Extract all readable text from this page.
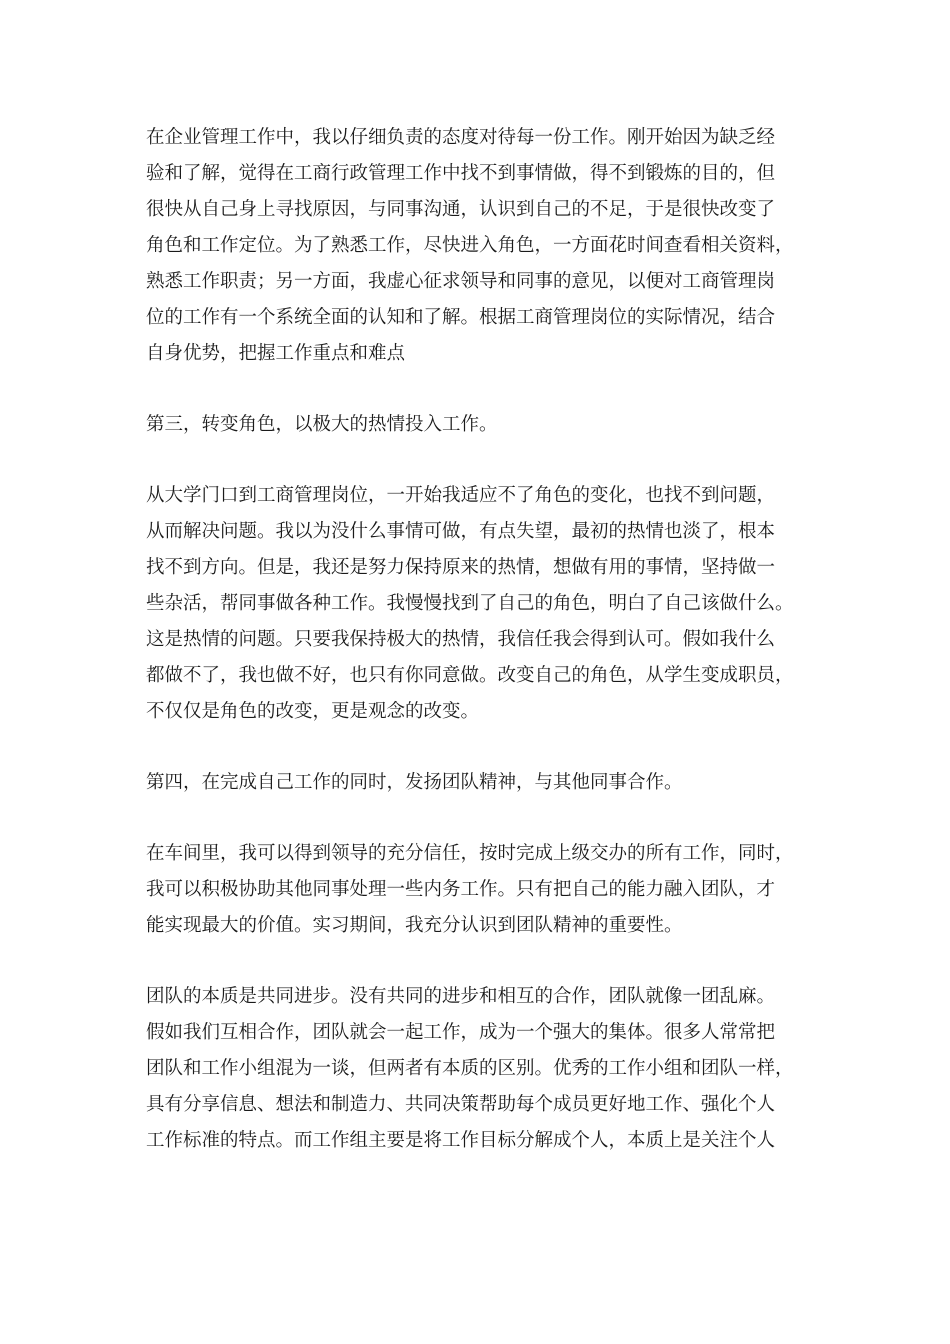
在企业管理工作中，我以仔细负责的态度对待每一份工作。刚开始因为缺乏经
验和了解，觉得在工商行政管理工作中找不到事情做，得不到锻炼的目的，但
很快从自己身上寻找原因，与同事沟通，认识到自己的不足，于是很快改变了
角色和工作定位。为了熟悉工作，尽快进入角色，一方面花时间查看相关资料，
熟悉工作职责；另一方面，我虚心征求领导和同事的意见，以便对工商管理岗
位的工作有一个系统全面的认知和了解。根据工商管理岗位的实际情况，结合
自身优势，把握工作重点和难点
第三，转变角色，以极大的热情投入工作。
从大学门口到工商管理岗位，一开始我适应不了角色的变化，也找不到问题，
从而解决问题。我以为没什么事情可做，有点失望，最初的热情也淡了，根本
找不到方向。但是，我还是努力保持原来的热情，想做有用的事情，坚持做一
些杂活，帮同事做各种工作。我慢慢找到了自己的角色，明白了自己该做什么。
这是热情的问题。只要我保持极大的热情，我信任我会得到认可。假如我什么
都做不了，我也做不好，也只有你同意做。改变自己的角色，从学生变成职员，
不仅仅是角色的改变，更是观念的改变。
第四，在完成自己工作的同时，发扬团队精神，与其他同事合作。
在车间里，我可以得到领导的充分信任，按时完成上级交办的所有工作，同时，
我可以积极协助其他同事处理一些内务工作。只有把自己的能力融入团队，才
能实现最大的价值。实习期间，我充分认识到团队精神的重要性。
团队的本质是共同进步。没有共同的进步和相互的合作，团队就像一团乱麻。
假如我们互相合作，团队就会一起工作，成为一个强大的集体。很多人常常把
团队和工作小组混为一谈，但两者有本质的区别。优秀的工作小组和团队一样，
具有分享信息、想法和制造力、共同决策帮助每个成员更好地工作、强化个人
工作标准的特点。而工作组主要是将工作目标分解成个人，本质上是关注个人
